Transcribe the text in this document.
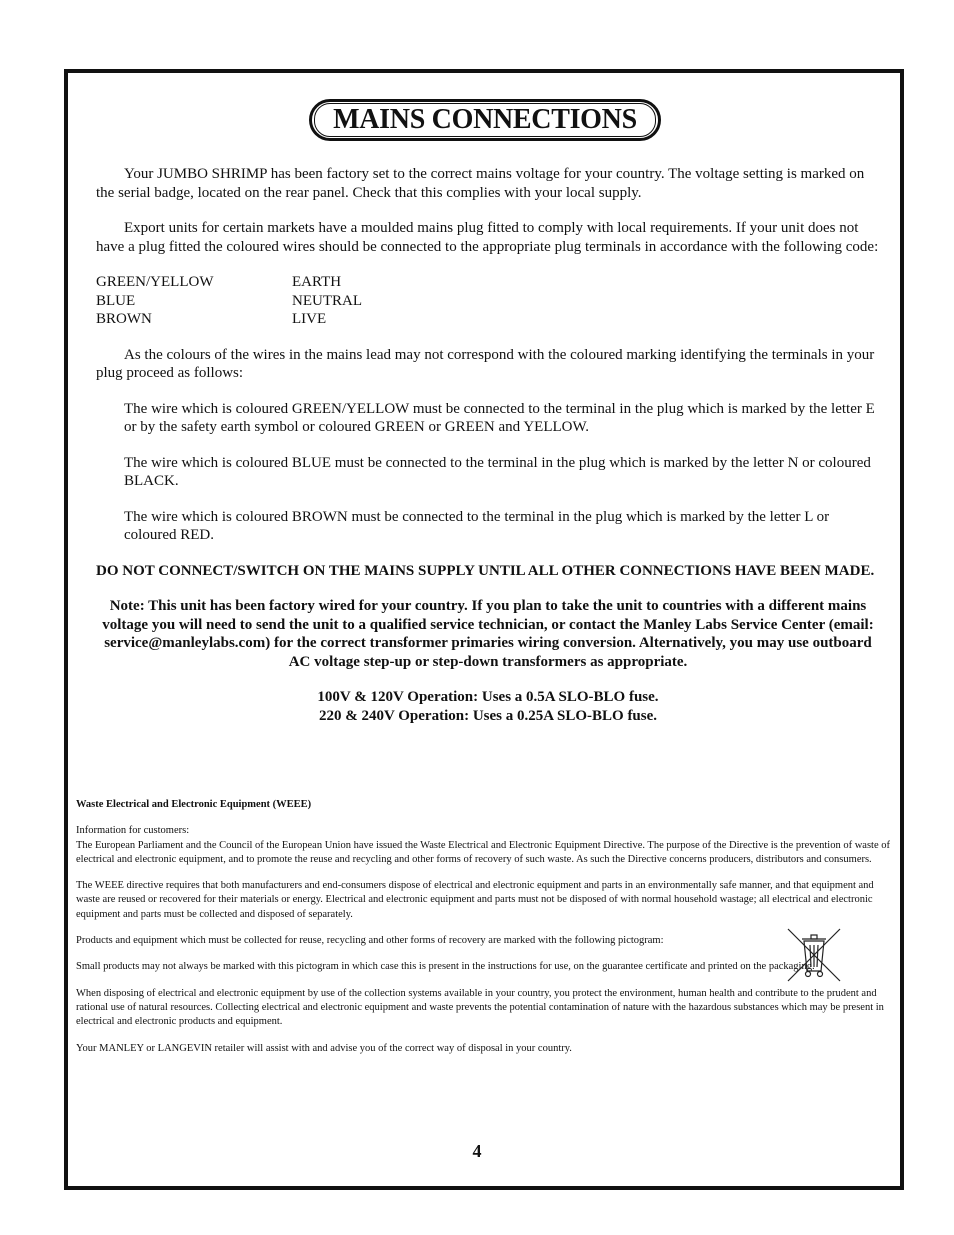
MAINS CONNECTIONS

Your JUMBO SHRIMP has been factory set to the correct mains voltage for your country. The voltage setting is marked on the serial badge, located on the rear panel. Check that this complies with your local supply.

Export units for certain markets have a moulded mains plug fitted to comply with local requirements. If your unit does not have a plug fitted the coloured wires should be connected to the appropriate plug terminals in accordance with the following code:

GREEN/YELLOW	EARTH
BLUE	NEUTRAL
BROWN	LIVE

As the colours of the wires in the mains lead may not correspond with the coloured marking identifying the terminals in your plug proceed as follows:

The wire which is coloured GREEN/YELLOW must be connected to the terminal in the plug which is marked by the letter E or by the safety earth symbol or coloured GREEN or GREEN and YELLOW.

The wire which is coloured BLUE must be connected to the terminal in the plug which is marked by the letter N or coloured BLACK.

The wire which is coloured BROWN must be connected to the terminal in the plug which is marked by the letter L or coloured RED.

DO NOT CONNECT/SWITCH ON THE MAINS SUPPLY UNTIL ALL OTHER CONNECTIONS HAVE BEEN MADE.

Note: This unit has been factory wired for your country. If you plan to take the unit to countries with a different mains voltage you will need to send the unit to a qualified service technician, or contact the Manley Labs Service Center (email: service@manleylabs.com) for the correct transformer primaries wiring conversion. Alternatively, you may use outboard AC voltage step-up or step-down transformers as appropriate.

100V & 120V Operation: Uses a 0.5A SLO-BLO fuse.

220 & 240V Operation: Uses a 0.25A SLO-BLO fuse.

Waste Electrical and Electronic Equipment (WEEE)

Information for customers:

The European Parliament and the Council of the European Union have issued the Waste Electrical and Electronic Equipment Directive. The purpose of the Directive is the prevention of waste of electrical and electronic equipment, and to promote the reuse and recycling and other forms of recovery of such waste. As such the Directive concerns producers, distributors and consumers.

The WEEE directive requires that both manufacturers and end-consumers dispose of electrical and electronic equipment and parts in an environmentally safe manner, and that equipment and waste are reused or recovered for their materials or energy. Electrical and electronic equipment and parts must not be disposed of with normal household wastage; all electrical and electronic equipment and parts must be collected and disposed of separately.

Products and equipment which must be collected for reuse, recycling and other forms of recovery are marked with the following pictogram:

Small products may not always be marked with this pictogram in which case this is present in the instructions for use, on the guarantee certificate and printed on the packaging.

When disposing of electrical and electronic equipment by use of the collection systems available in your country, you protect the environment, human health and contribute to the prudent and rational use of natural resources. Collecting electrical and electronic equipment and waste prevents the potential contamination of nature with the hazardous substances which may be present in electrical and electronic products and equipment.

Your MANLEY or LANGEVIN retailer will assist with and advise you of the correct way of disposal in your country.

4
